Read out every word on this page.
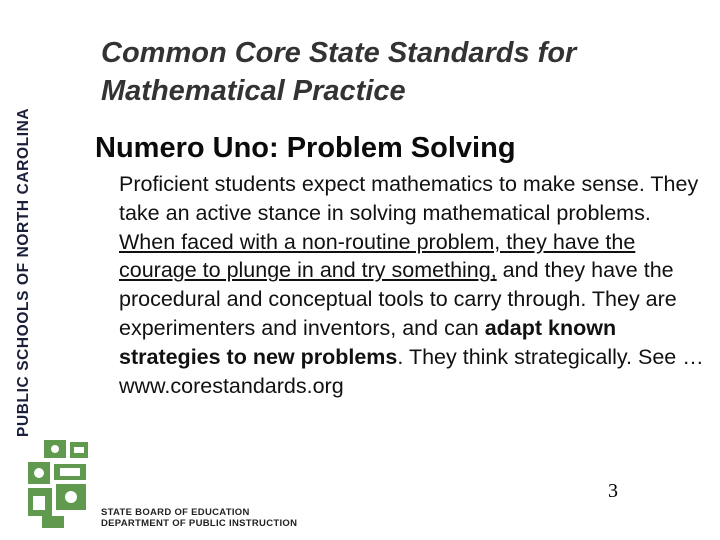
PUBLIC SCHOOLS OF NORTH CAROLINA
Common Core State Standards for
Mathematical Practice
Numero Uno: Problem Solving
Proficient students expect mathematics to make sense. They take an active stance in solving mathematical problems. When faced with a non-routine problem, they have the courage to plunge in and try something, and they have the procedural and conceptual tools to carry through. They are experimenters and inventors, and can adapt known strategies to new problems. They think strategically. See … www.corestandards.org
3
STATE BOARD OF EDUCATION
DEPARTMENT OF PUBLIC INSTRUCTION
